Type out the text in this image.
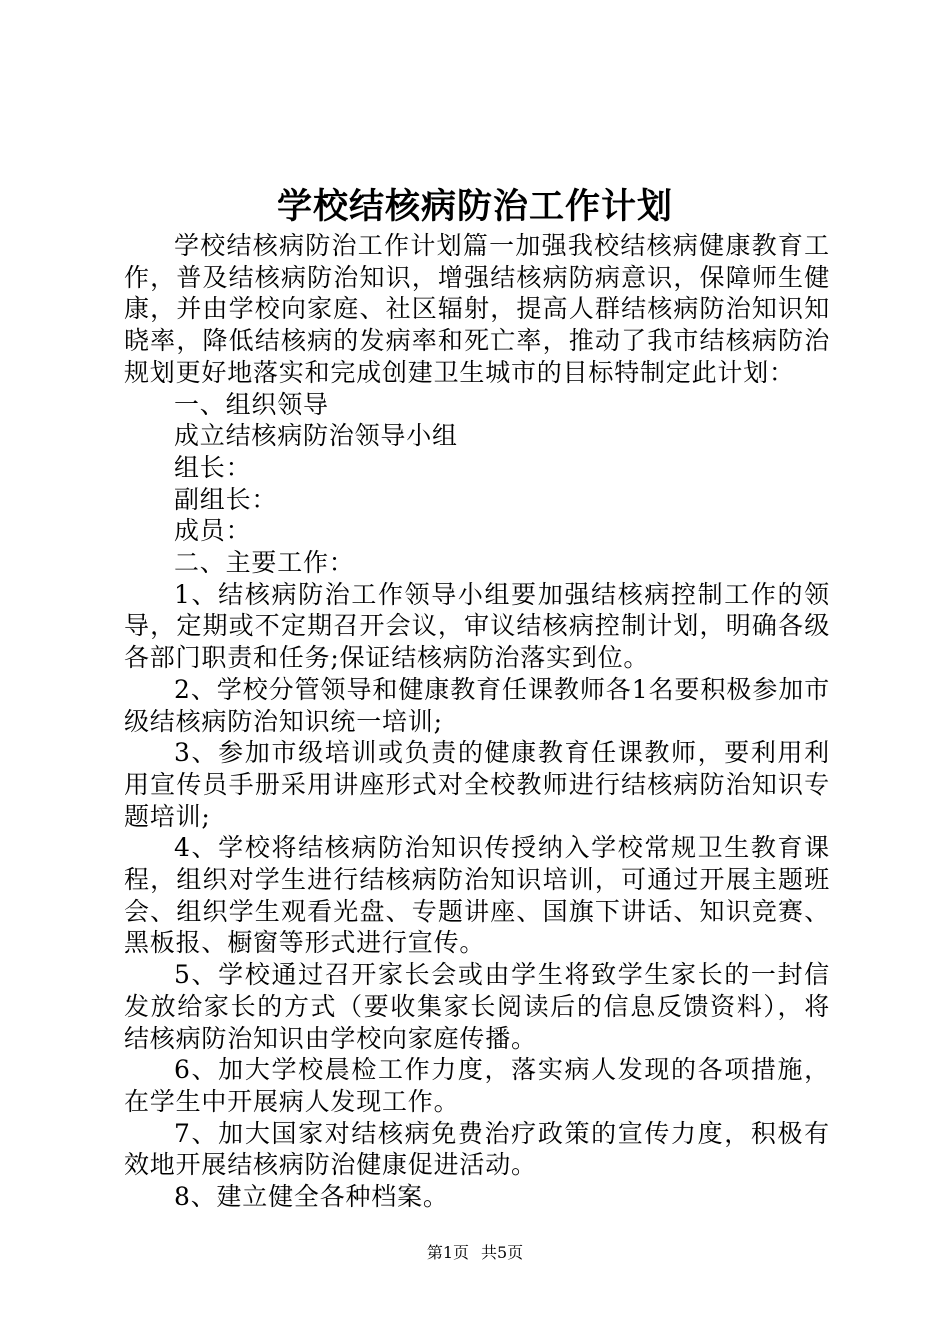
学校结核病防治工作计划

学校结核病防治工作计划篇一加强我校结核病健康教育工作，普及结核病防治知识，增强结核病防病意识，保障师生健康，并由学校向家庭、社区辐射，提高人群结核病防治知识知晓率，降低结核病的发病率和死亡率，推动了我市结核病防治规划更好地落实和完成创建卫生城市的目标特制定此计划：

一、组织领导

成立结核病防治领导小组

组长：

副组长：

成员：

二、主要工作：

1、结核病防治工作领导小组要加强结核病控制工作的领导，定期或不定期召开会议，审议结核病控制计划，明确各级各部门职责和任务;保证结核病防治落实到位。

2、学校分管领导和健康教育任课教师各1名要积极参加市级结核病防治知识统一培训;

3、参加市级培训或负责的健康教育任课教师，要利用利用宣传员手册采用讲座形式对全校教师进行结核病防治知识专题培训;

4、学校将结核病防治知识传授纳入学校常规卫生教育课程，组织对学生进行结核病防治知识培训，可通过开展主题班会、组织学生观看光盘、专题讲座、国旗下讲话、知识竞赛、黑板报、橱窗等形式进行宣传。

5、学校通过召开家长会或由学生将致学生家长的一封信发放给家长的方式（要收集家长阅读后的信息反馈资料），将结核病防治知识由学校向家庭传播。

6、加大学校晨检工作力度，落实病人发现的各项措施，在学生中开展病人发现工作。

7、加大国家对结核病免费治疗政策的宣传力度，积极有效地开展结核病防治健康促进活动。

8、建立健全各种档案。

第1页 共5页
